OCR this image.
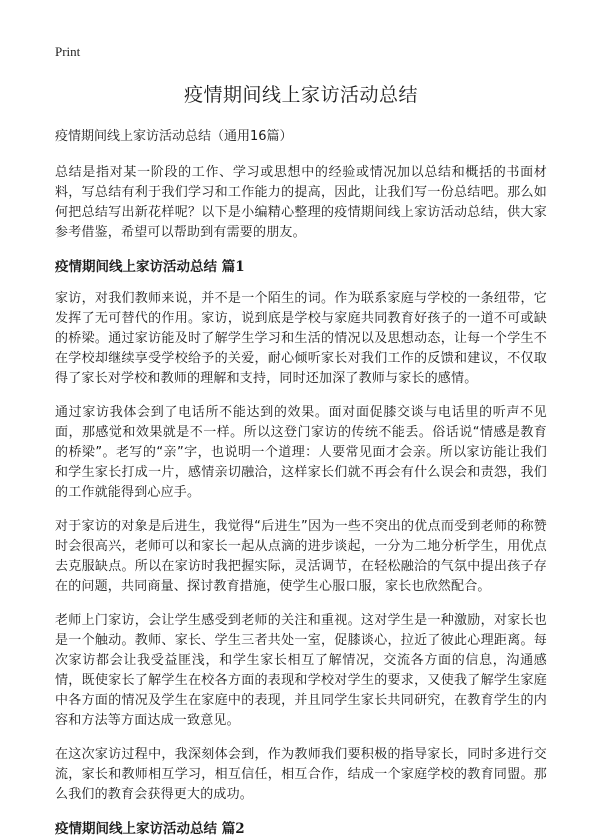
Print
疫情期间线上家访活动总结

疫情期间线上家访活动总结（通用16篇）

总结是指对某一阶段的工作、学习或思想中的经验或情况加以总结和概括的书面材料，写总结有利于我们学习和工作能力的提高，因此，让我们写一份总结吧。那么如何把总结写出新花样呢？以下是小编精心整理的疫情期间线上家访活动总结，供大家参考借鉴，希望可以帮助到有需要的朋友。

疫情期间线上家访活动总结 篇1

家访，对我们教师来说，并不是一个陌生的词。作为联系家庭与学校的一条纽带，它发挥了无可替代的作用。家访，说到底是学校与家庭共同教育好孩子的一道不可或缺的桥梁。通过家访能及时了解学生学习和生活的情况以及思想动态，让每一个学生不在学校却继续享受学校给予的关爱，耐心倾听家长对我们工作的反馈和建议，不仅取得了家长对学校和教师的理解和支持，同时还加深了教师与家长的感情。

通过家访我体会到了电话所不能达到的效果。面对面促膝交谈与电话里的听声不见面，那感觉和效果就是不一样。所以这登门家访的传统不能丢。俗话说“情感是教育的桥梁”。老写的“亲”字，也说明一个道理：人要常见面才会亲。所以家访能让我们和学生家长打成一片，感情亲切融洽，这样家长们就不再会有什么误会和责怨，我们的工作就能得到心应手。

对于家访的对象是后进生，我觉得“后进生”因为一些不突出的优点而受到老师的称赞时会很高兴，老师可以和家长一起从点滴的进步谈起，一分为二地分析学生，用优点去克服缺点。所以在家访时我把握实际，灵活调节，在轻松融洽的气氛中提出孩子存在的问题，共同商量、探讨教育措施，使学生心服口服，家长也欣然配合。

老师上门家访，会让学生感受到老师的关注和重视。这对学生是一种激励，对家长也是一个触动。教师、家长、学生三者共处一室，促膝谈心，拉近了彼此心理距离。每次家访都会让我受益匪浅，和学生家长相互了解情况，交流各方面的信息，沟通感情，既使家长了解学生在校各方面的表现和学校对学生的要求，又使我了解学生家庭中各方面的情况及学生在家庭中的表现，并且同学生家长共同研究，在教育学生的内容和方法等方面达成一致意见。

在这次家访过程中，我深刻体会到，作为教师我们要积极的指导家长，同时多进行交流，家长和教师相互学习，相互信任，相互合作，结成一个家庭学校的教育同盟。那么我们的教育会获得更大的成功。

疫情期间线上家访活动总结 篇2
